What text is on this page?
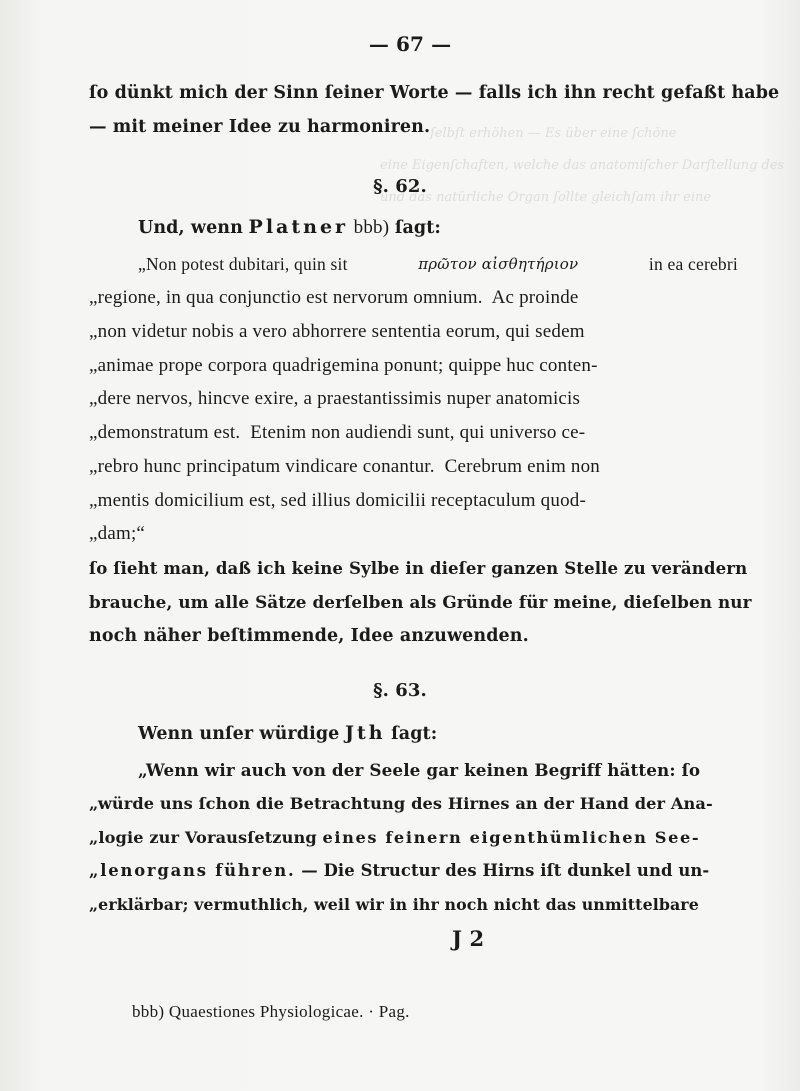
ſelbſt erhöhen — Es über eine ſchöne
eine Eigenſchaften, welche das anatomiſcher Darſtellung des
und das natürliche Organ ſollte gleichſam ihr eine
— 67 —
ſo dünkt mich der Sinn ſeiner Worte — falls ich ihn recht gefaßt habe
— mit meiner Idee zu harmoniren.
§. 62.
Und, wenn Platner bbb) ſagt:
„Non potest dubitari, quin sit	πρῶτον αἰσθητήριον	in ea cerebri
„regione, in qua conjunctio est nervorum omnium.  Ac proinde
„non videtur nobis a vero abhorrere sententia eorum, qui sedem
„animae prope corpora quadrigemina ponunt; quippe huc conten-
„dere nervos, hincve exire, a praestantissimis nuper anatomicis
„demonstratum est.  Etenim non audiendi sunt, qui universo ce-
„rebro hunc principatum vindicare conantur.  Cerebrum enim non
„mentis domicilium est, sed illius domicilii receptaculum quod-
„dam;“
ſo ſieht man, daß ich keine Sylbe in dieſer ganzen Stelle zu verändern
brauche, um alle Sätze derſelben als Gründe für meine, dieſelben nur
noch näher beſtimmende, Idee anzuwenden.
§. 63.
Wenn unſer würdige Jth ſagt:
„Wenn wir auch von der Seele gar keinen Begriff hätten: ſo
„würde uns ſchon die Betrachtung des Hirnes an der Hand der Ana-
„logie zur Vorausſetzung eines feinern eigenthümlichen See-
„lenorgans führen. — Die Structur des Hirns iſt dunkel und un-
„erklärbar; vermuthlich, weil wir in ihr noch nicht das unmittelbare
J 2
bbb) Quaestiones Physiologicae. · Pag.
